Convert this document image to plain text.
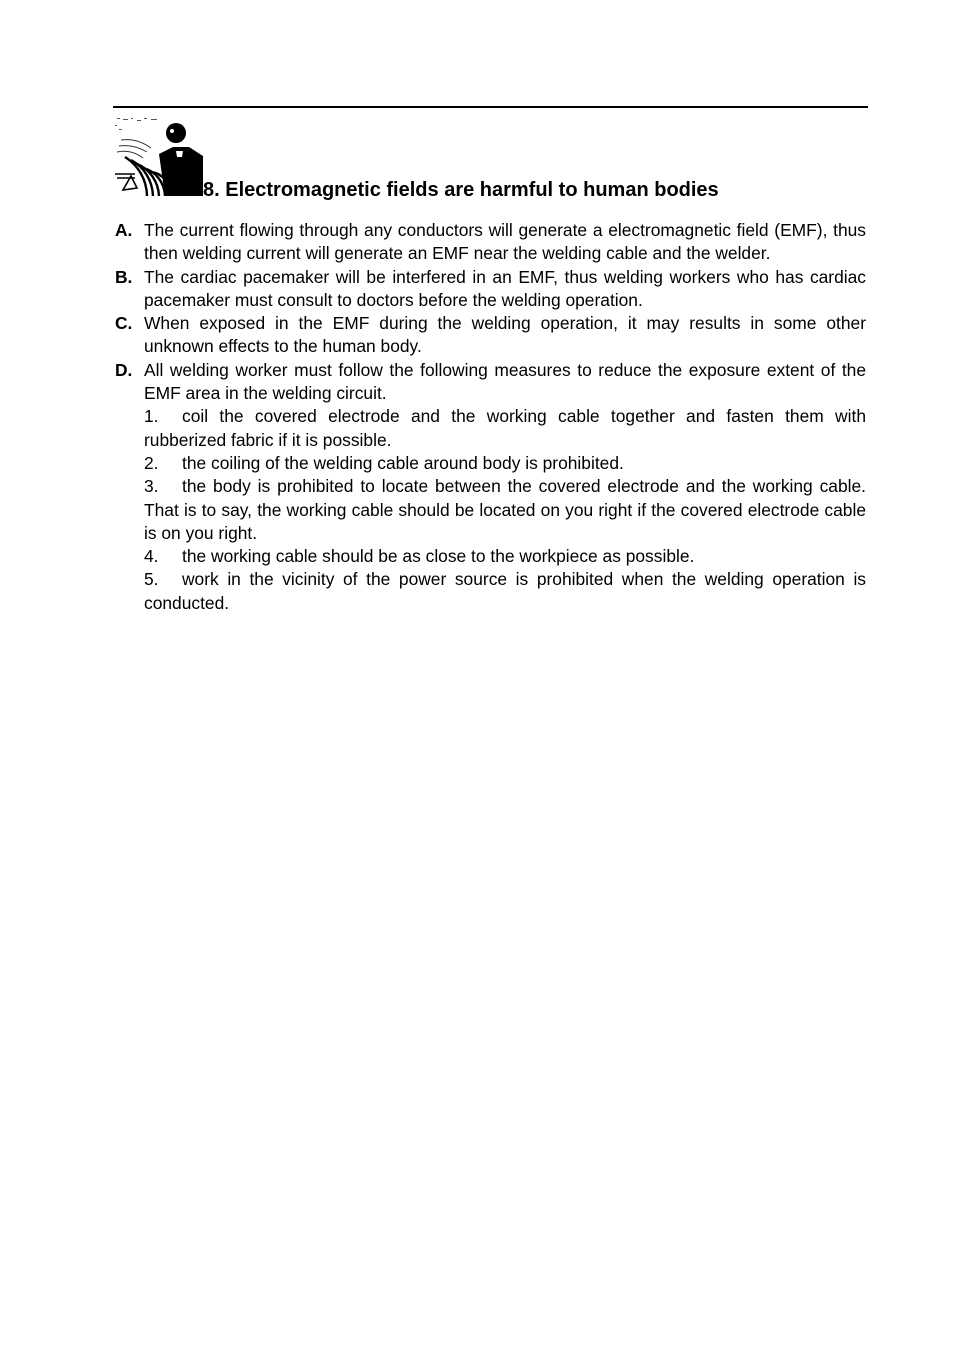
8. Electromagnetic fields are harmful to human bodies
A. The current flowing through any conductors will generate a electromagnetic field (EMF), thus then welding current will generate an EMF near the welding cable and the welder.
B. The cardiac pacemaker will be interfered in an EMF, thus welding workers who has cardiac pacemaker must consult to doctors before the welding operation.
C. When exposed in the EMF during the welding operation, it may results in some other unknown effects to the human body.
D. All welding worker must follow the following measures to reduce the exposure extent of the EMF area in the welding circuit.
1. coil the covered electrode and the working cable together and fasten them with rubberized fabric if it is possible.
2. the coiling of the welding cable around body is prohibited.
3. the body is prohibited to locate between the covered electrode and the working cable. That is to say, the working cable should be located on you right if the covered electrode cable is on you right.
4. the working cable should be as close to the workpiece as possible.
5. work in the vicinity of the power source is prohibited when the welding operation is conducted.
